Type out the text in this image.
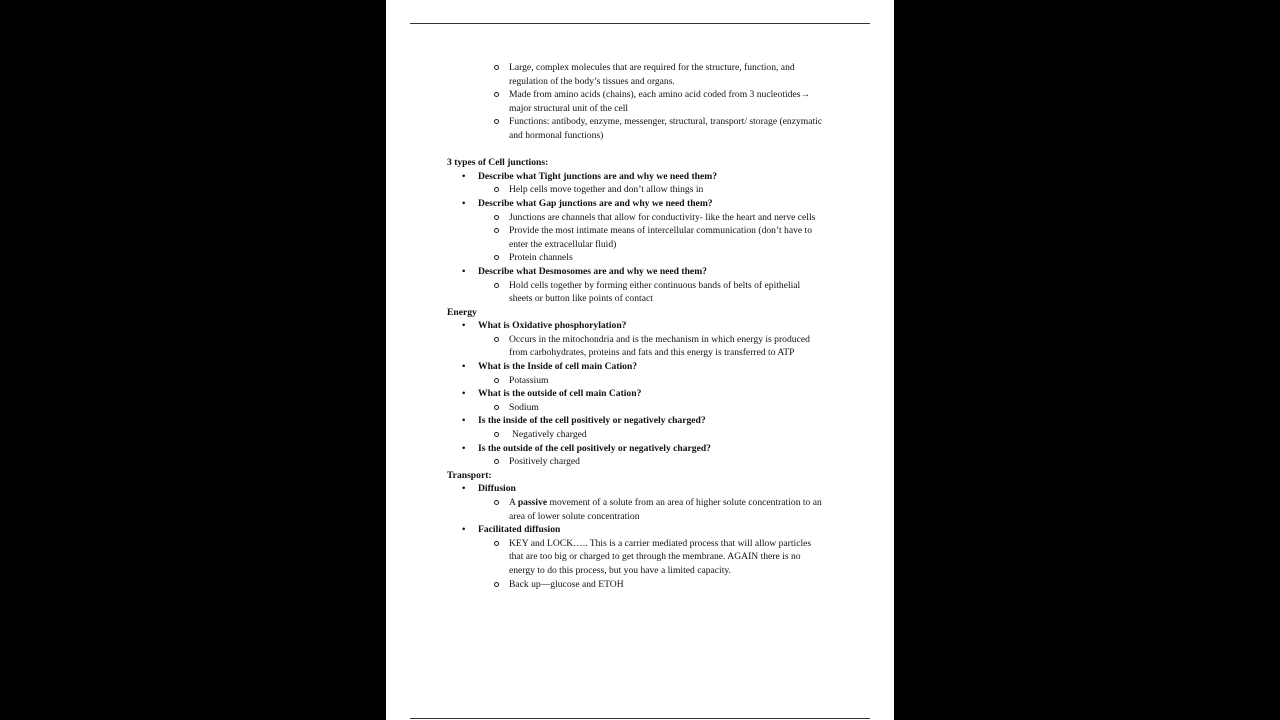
Large, complex molecules that are required for the structure, function, and
regulation of the body’s tissues and organs.
Made from amino acids (chains), each amino acid coded from 3 nucleotides→
major structural unit of the cell
Functions: antibody, enzyme, messenger, structural, transport/ storage (enzymatic
and hormonal functions)
3 types of Cell junctions:
• Describe what Tight junctions are and why we need them?
Help cells move together and don’t allow things in
• Describe what Gap junctions are and why we need them?
Junctions are channels that allow for conductivity- like the heart and nerve cells
Provide the most intimate means of intercellular communication (don’t have to
enter the extracellular fluid)
Protein channels
• Describe what Desmosomes are and why we need them?
Hold cells together by forming either continuous bands of belts of epithelial
sheets or button like points of contact
Energy
• What is Oxidative phosphorylation?
Occurs in the mitochondria and is the mechanism in which energy is produced
from carbohydrates, proteins and fats and this energy is transferred to ATP
• What is the Inside of cell main Cation?
Potassium
• What is the outside of cell main Cation?
Sodium
• Is the inside of the cell positively or negatively charged?
Negatively charged
• Is the outside of the cell positively or negatively charged?
Positively charged
Transport:
• Diffusion
A passive movement of a solute from an area of higher solute concentration to an
area of lower solute concentration
• Facilitated diffusion
KEY and LOCK….. This is a carrier mediated process that will allow particles
that are too big or charged to get through the membrane. AGAIN there is no
energy to do this process, but you have a limited capacity.
Back up—glucose and ETOH
